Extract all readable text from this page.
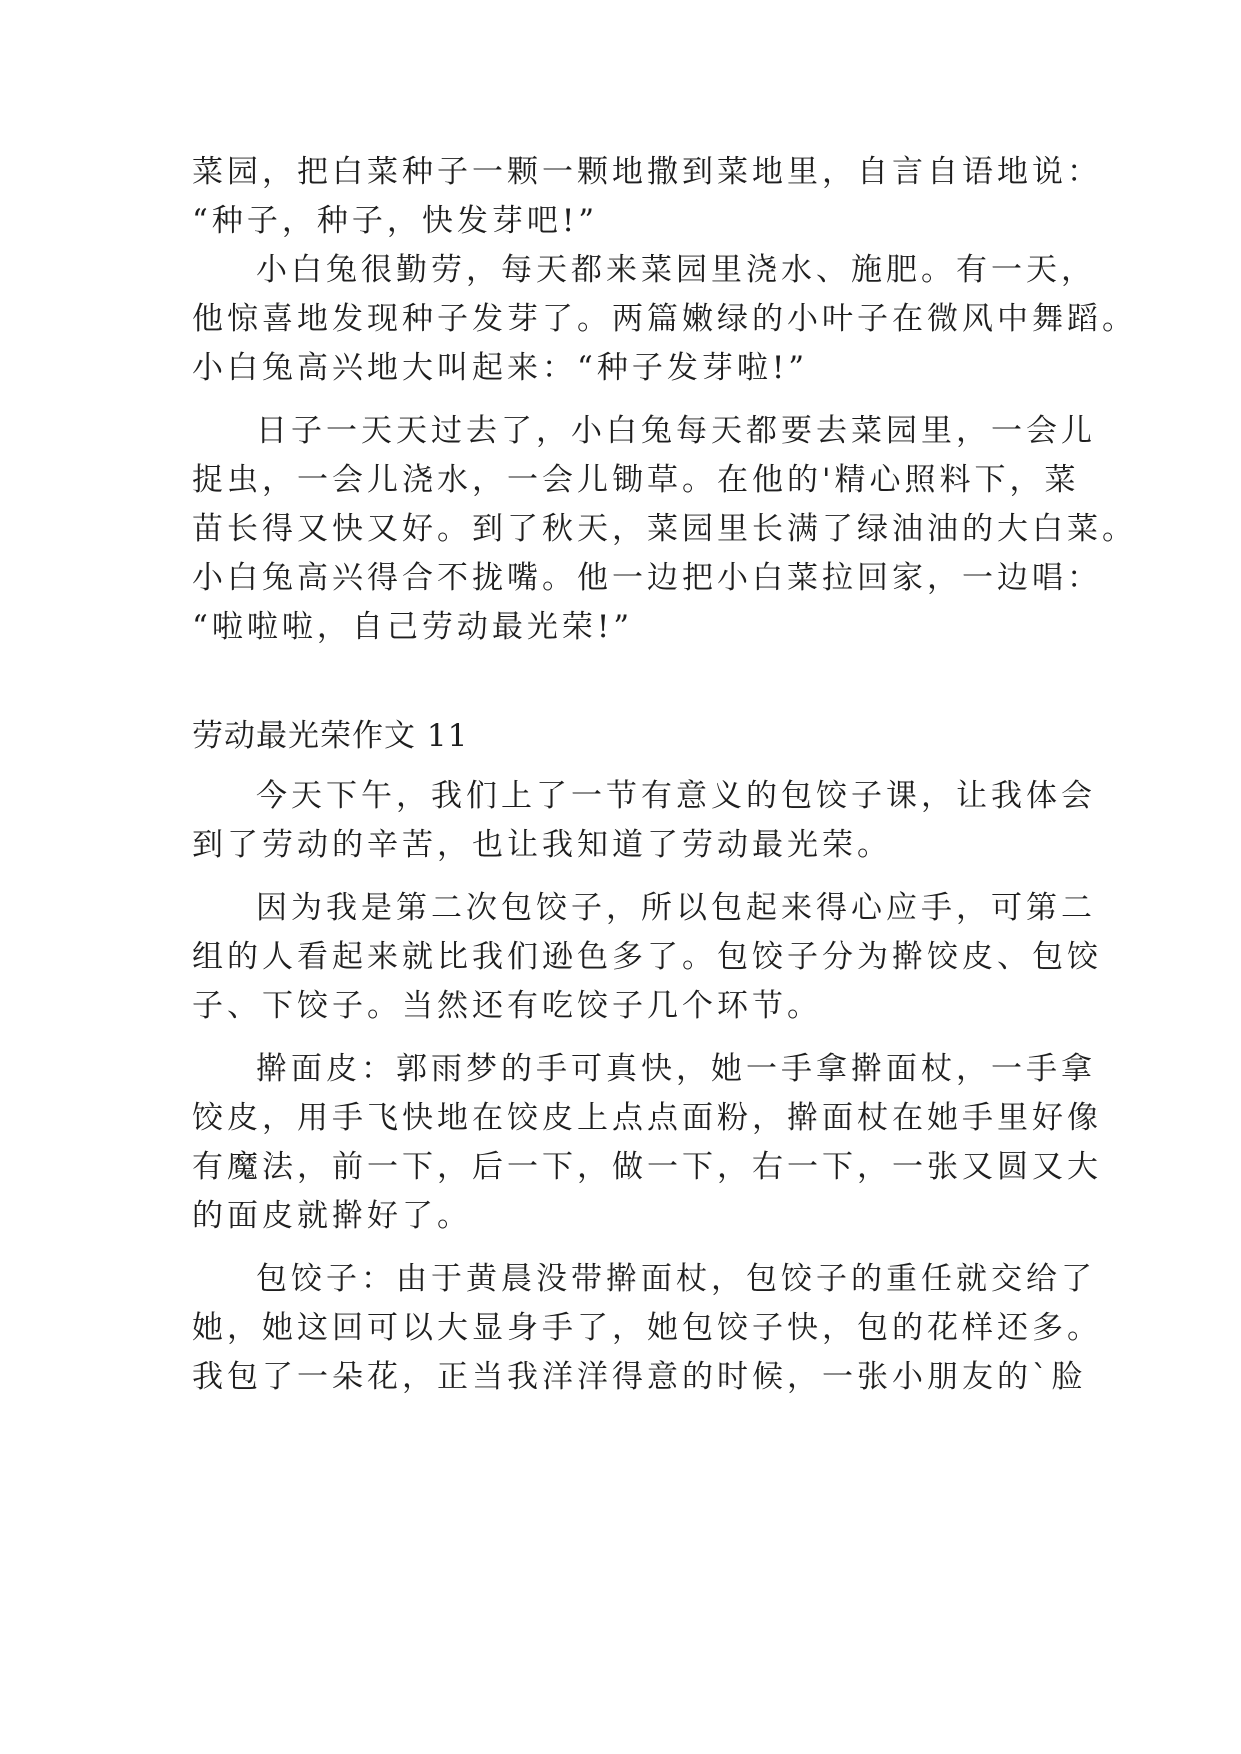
菜园，把白菜种子一颗一颗地撒到菜地里，自言自语地说：

“种子，种子，快发芽吧!”

小白兔很勤劳，每天都来菜园里浇水、施肥。有一天，

他惊喜地发现种子发芽了。两篇嫩绿的小叶子在微风中舞蹈。

小白兔高兴地大叫起来：“种子发芽啦!”

日子一天天过去了，小白兔每天都要去菜园里，一会儿

捉虫，一会儿浇水，一会儿锄草。在他的'精心照料下，菜

苗长得又快又好。到了秋天，菜园里长满了绿油油的大白菜。

小白兔高兴得合不拢嘴。他一边把小白菜拉回家，一边唱：

“啦啦啦，自己劳动最光荣!”

劳动最光荣作文 11

今天下午，我们上了一节有意义的包饺子课，让我体会

到了劳动的辛苦，也让我知道了劳动最光荣。

因为我是第二次包饺子，所以包起来得心应手，可第二

组的人看起来就比我们逊色多了。包饺子分为擀饺皮、包饺

子、下饺子。当然还有吃饺子几个环节。

擀面皮：郭雨梦的手可真快，她一手拿擀面杖，一手拿

饺皮，用手飞快地在饺皮上点点面粉，擀面杖在她手里好像

有魔法，前一下，后一下，做一下，右一下，一张又圆又大

的面皮就擀好了。

包饺子：由于黄晨没带擀面杖，包饺子的重任就交给了

她，她这回可以大显身手了，她包饺子快，包的花样还多。

我包了一朵花，正当我洋洋得意的时候，一张小朋友的`脸
